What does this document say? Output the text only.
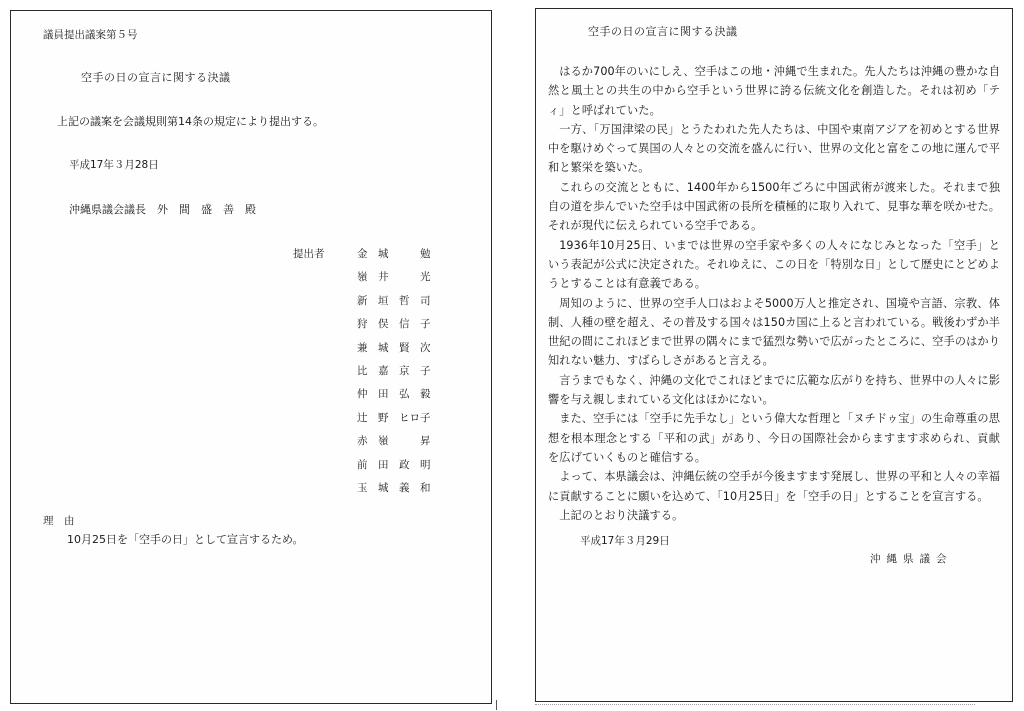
議員提出議案第５号
空手の日の宣言に関する決議
上記の議案を会議規則第14条の規定により提出する。
平成17年３月28日
沖縄県議会議長　外　間　盛　善　殿
提出者	金　城　　　勉
嶺　井　　　光
新　垣　哲　司
狩　俣　信　子
兼　城　賢　次
比　嘉　京　子
仲　田　弘　毅
辻　野　ヒロ子
赤　嶺　　　昇
前　田　政　明
玉　城　義　和
理　由
10月25日を「空手の日」として宣言するため。
空手の日の宣言に関する決議

はるか700年のいにしえ、空手はこの地・沖縄で生まれた。先人たちは沖縄の豊かな自然と風土との共生の中から空手という世界に誇る伝統文化を創造した。それは初め「ティ」と呼ばれていた。

一方、「万国津梁の民」とうたわれた先人たちは、中国や東南アジアを初めとする世界中を駆けめぐって異国の人々との交流を盛んに行い、世界の文化と富をこの地に運んで平和と繁栄を築いた。

これらの交流とともに、1400年から1500年ごろに中国武術が渡来した。それまで独自の道を歩んでいた空手は中国武術の長所を積極的に取り入れて、見事な華を咲かせた。それが現代に伝えられている空手である。

1936年10月25日、いまでは世界の空手家や多くの人々になじみとなった「空手」という表記が公式に決定された。それゆえに、この日を「特別な日」として歴史にとどめようとすることは有意義である。

周知のように、世界の空手人口はおよそ5000万人と推定され、国境や言語、宗教、体制、人種の壁を超え、その普及する国々は150カ国に上ると言われている。戦後わずか半世紀の間にこれほどまで世界の隅々にまで猛烈な勢いで広がったところに、空手のはかり知れない魅力、すばらしさがあると言える。

言うまでもなく、沖縄の文化でこれほどまでに広範な広がりを持ち、世界中の人々に影響を与え親しまれている文化はほかにない。

また、空手には「空手に先手なし」という偉大な哲理と「ヌチドゥ宝」の生命尊重の思想を根本理念とする「平和の武」があり、今日の国際社会からますます求められ、貢献を広げていくものと確信する。

よって、本県議会は、沖縄伝統の空手が今後ますます発展し、世界の平和と人々の幸福に貢献することに願いを込めて、「10月25日」を「空手の日」とすることを宣言する。

上記のとおり決議する。

平成17年３月29日
沖縄県議会
